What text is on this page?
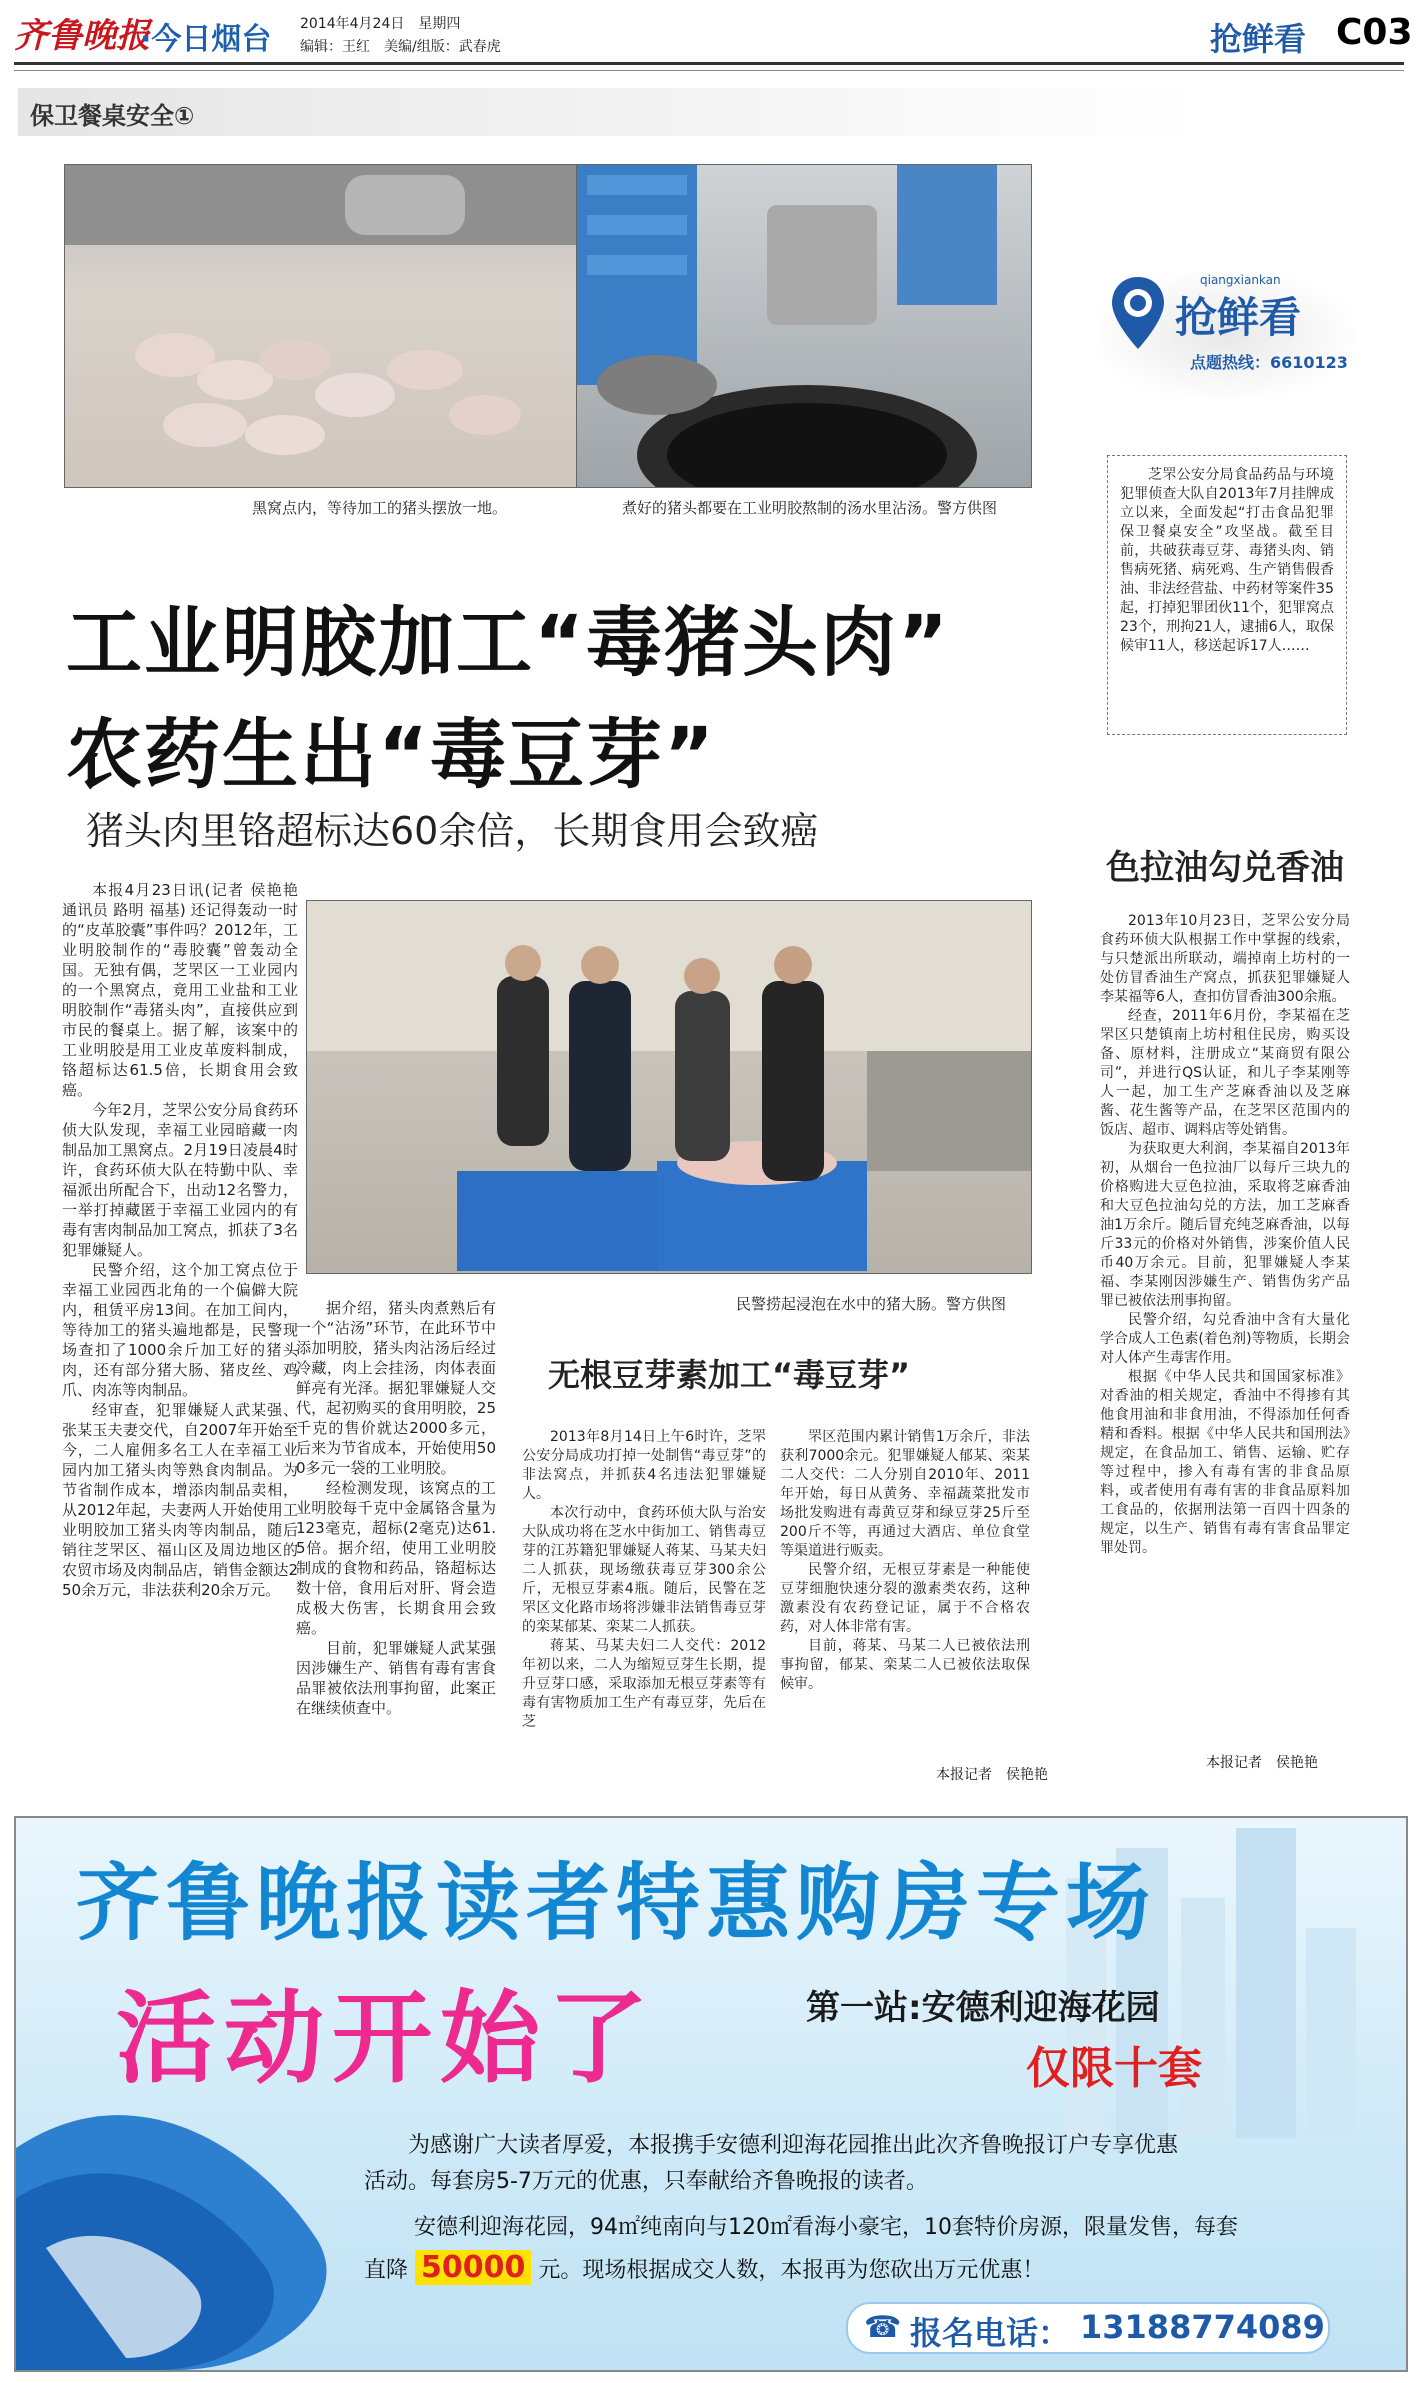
齐鲁晚报
·今日烟台 2014年4月24日　星期四
编辑：王红　美编/组版：武春虎	抢鲜看 C03
保卫餐桌安全①
黑窝点内，等待加工的猪头摆放一地。	煮好的猪头都要在工业明胶熬制的汤水里沾汤。警方供图
qiangxiankan
抢鲜看
点题热线：6610123
芝罘公安分局食品药品与环境犯罪侦查大队自2013年7月挂牌成立以来，全面发起“打击食品犯罪保卫餐桌安全”攻坚战。截至目前，共破获毒豆芽、毒猪头肉、销售病死猪、病死鸡、生产销售假香油、非法经营盐、中药材等案件35起，打掉犯罪团伙11个，犯罪窝点23个，刑拘21人，逮捕6人，取保候审11人，移送起诉17人……
工业明胶加工“毒猪头肉”
农药生出“毒豆芽”
猪头肉里铬超标达60余倍，长期食用会致癌

本报4月23日讯(记者 侯艳艳 通讯员 路明 福基) 还记得轰动一时的“皮革胶囊”事件吗？2012年，工业明胶制作的“毒胶囊”曾轰动全国。无独有偶，芝罘区一工业园内的一个黑窝点，竟用工业盐和工业明胶制作“毒猪头肉”，直接供应到市民的餐桌上。据了解，该案中的工业明胶是用工业皮革废料制成，铬超标达61.5倍，长期食用会致癌。

今年2月，芝罘公安分局食药环侦大队发现，幸福工业园暗藏一肉制品加工黑窝点。2月19日凌晨4时许，食药环侦大队在特勤中队、幸福派出所配合下，出动12名警力，一举打掉藏匿于幸福工业园内的有毒有害肉制品加工窝点，抓获了3名犯罪嫌疑人。

民警介绍，这个加工窝点位于幸福工业园西北角的一个偏僻大院内，租赁平房13间。在加工间内，等待加工的猪头遍地都是，民警现场查扣了1000余斤加工好的猪头肉，还有部分猪大肠、猪皮丝、鸡爪、肉冻等肉制品。

经审查，犯罪嫌疑人武某强、张某玉夫妻交代，自2007年开始至今，二人雇佣多名工人在幸福工业园内加工猪头肉等熟食肉制品。为节省制作成本，增添肉制品卖相，从2012年起，夫妻两人开始使用工业明胶加工猪头肉等肉制品，随后销往芝罘区、福山区及周边地区的农贸市场及肉制品店，销售金额达250余万元，非法获利20余万元。

民警捞起浸泡在水中的猪大肠。警方供图

据介绍，猪头肉煮熟后有一个“沾汤”环节，在此环节中添加明胶，猪头肉沾汤后经过冷藏，肉上会挂汤，肉体表面鲜亮有光泽。据犯罪嫌疑人交代，起初购买的食用明胶，25千克的售价就达2000多元，后来为节省成本，开始使用500多元一袋的工业明胶。

经检测发现，该窝点的工业明胶每千克中金属铬含量为123毫克，超标(2毫克)达61.5倍。据介绍，使用工业明胶制成的食物和药品，铬超标达数十倍，食用后对肝、肾会造成极大伤害，长期食用会致癌。

目前，犯罪嫌疑人武某强因涉嫌生产、销售有毒有害食品罪被依法刑事拘留，此案正在继续侦查中。

无根豆芽素加工“毒豆芽”

2013年8月14日上午6时许，芝罘公安分局成功打掉一处制售“毒豆芽”的非法窝点，并抓获4名违法犯罪嫌疑人。

本次行动中，食药环侦大队与治安大队成功将在芝水中街加工、销售毒豆芽的江苏籍犯罪嫌疑人蒋某、马某夫妇二人抓获，现场缴获毒豆芽300余公斤，无根豆芽素4瓶。随后，民警在芝罘区文化路市场将涉嫌非法销售毒豆芽的栾某郁某、栾某二人抓获。

蒋某、马某夫妇二人交代：2012年初以来，二人为缩短豆芽生长期，提升豆芽口感，采取添加无根豆芽素等有毒有害物质加工生产有毒豆芽，先后在芝

罘区范围内累计销售1万余斤，非法获利7000余元。犯罪嫌疑人郁某、栾某二人交代：二人分别自2010年、2011年开始，每日从黄务、幸福蔬菜批发市场批发购进有毒黄豆芽和绿豆芽25斤至200斤不等，再通过大酒店、单位食堂等渠道进行贩卖。

民警介绍，无根豆芽素是一种能使豆芽细胞快速分裂的激素类农药，这种激素没有农药登记证，属于不合格农药，对人体非常有害。

目前，蒋某、马某二人已被依法刑事拘留，郁某、栾某二人已被依法取保候审。

本报记者　侯艳艳
色拉油勾兑香油

2013年10月23日，芝罘公安分局食药环侦大队根据工作中掌握的线索，与只楚派出所联动，端掉南上坊村的一处仿冒香油生产窝点，抓获犯罪嫌疑人李某福等6人，查扣仿冒香油300余瓶。

经查，2011年6月份，李某福在芝罘区只楚镇南上坊村租住民房，购买设备、原材料，注册成立“某商贸有限公司”，并进行QS认证，和儿子李某刚等人一起，加工生产芝麻香油以及芝麻酱、花生酱等产品，在芝罘区范围内的饭店、超市、调料店等处销售。

为获取更大利润，李某福自2013年初，从烟台一色拉油厂以每斤三块九的价格购进大豆色拉油，采取将芝麻香油和大豆色拉油勾兑的方法，加工芝麻香油1万余斤。随后冒充纯芝麻香油，以每斤33元的价格对外销售，涉案价值人民币40万余元。目前，犯罪嫌疑人李某福、李某刚因涉嫌生产、销售伪劣产品罪已被依法刑事拘留。

民警介绍，勾兑香油中含有大量化学合成人工色素(着色剂)等物质，长期会对人体产生毒害作用。

根据《中华人民共和国国家标准》对香油的相关规定，香油中不得掺有其他食用油和非食用油，不得添加任何香精和香料。根据《中华人民共和国刑法》规定，在食品加工、销售、运输、贮存等过程中，掺入有毒有害的非食品原料，或者使用有毒有害的非食品原料加工食品的，依据刑法第一百四十四条的规定，以生产、销售有毒有害食品罪定罪处罚。

本报记者　侯艳艳
齐鲁晚报读者特惠购房专场
活动开始了	第一站:安德利迎海花园
仅限十套
为感谢广大读者厚爱，本报携手安德利迎海花园推出此次齐鲁晚报订户专享优惠
活动。每套房5-7万元的优惠，只奉献给齐鲁晚报的读者。
安德利迎海花园，94㎡纯南向与120㎡看海小豪宅，10套特价房源，限量发售，每套
直降 50000 元。现场根据成交人数，本报再为您砍出万元优惠！
☎ 报名电话： 13188774089
